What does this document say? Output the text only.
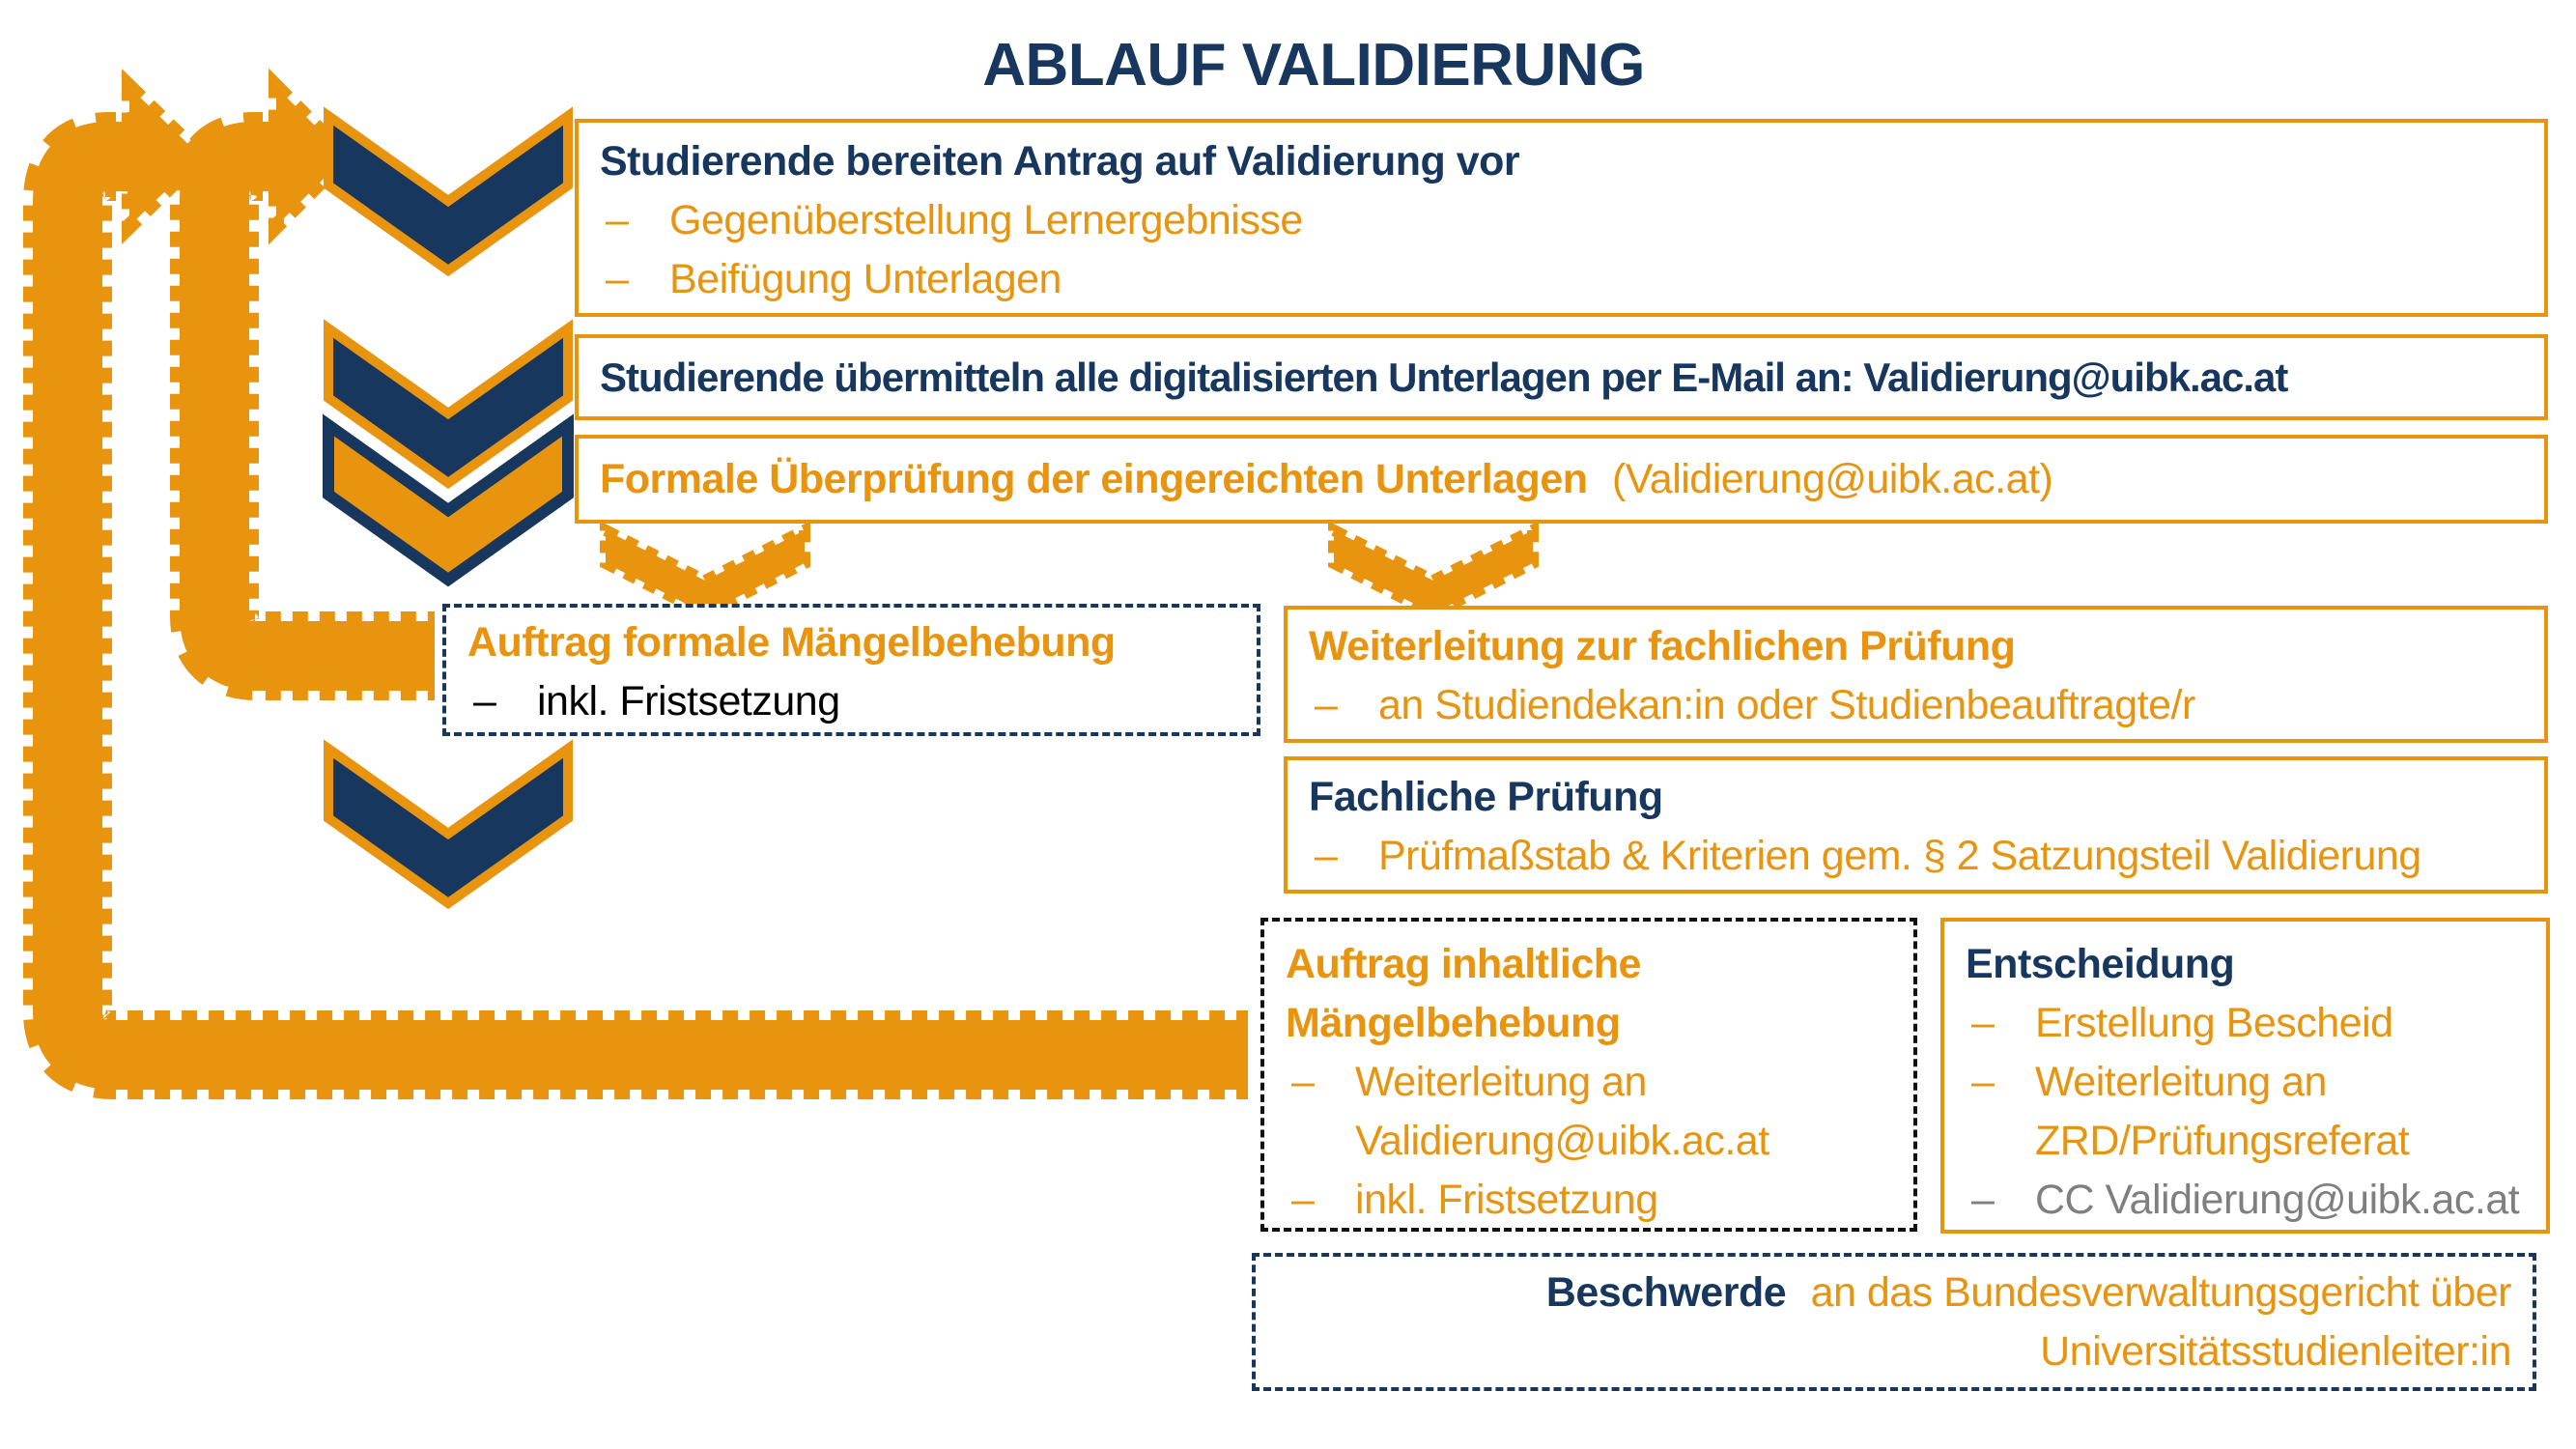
ABLAUF VALIDIERUNG
Studierende bereiten Antrag auf Validierung vor
– Gegenüberstellung Lernergebnisse
– Beifügung Unterlagen
Studierende übermitteln alle digitalisierten Unterlagen per E-Mail an: Validierung@uibk.ac.at
Formale Überprüfung der eingereichten Unterlagen (Validierung@uibk.ac.at)
Auftrag formale Mängelbehebung
– inkl. Fristsetzung
Weiterleitung zur fachlichen Prüfung
– an Studiendekan:in oder Studienbeauftragte/r
Fachliche Prüfung
– Prüfmaßstab & Kriterien gem. § 2 Satzungsteil Validierung
Auftrag inhaltliche Mängelbehebung
– Weiterleitung an Validierung@uibk.ac.at
– inkl. Fristsetzung
Entscheidung
– Erstellung Bescheid
– Weiterleitung an ZRD/Prüfungsreferat
– CC Validierung@uibk.ac.at
Beschwerde an das Bundesverwaltungsgericht über
Universitätsstudienleiter:in
